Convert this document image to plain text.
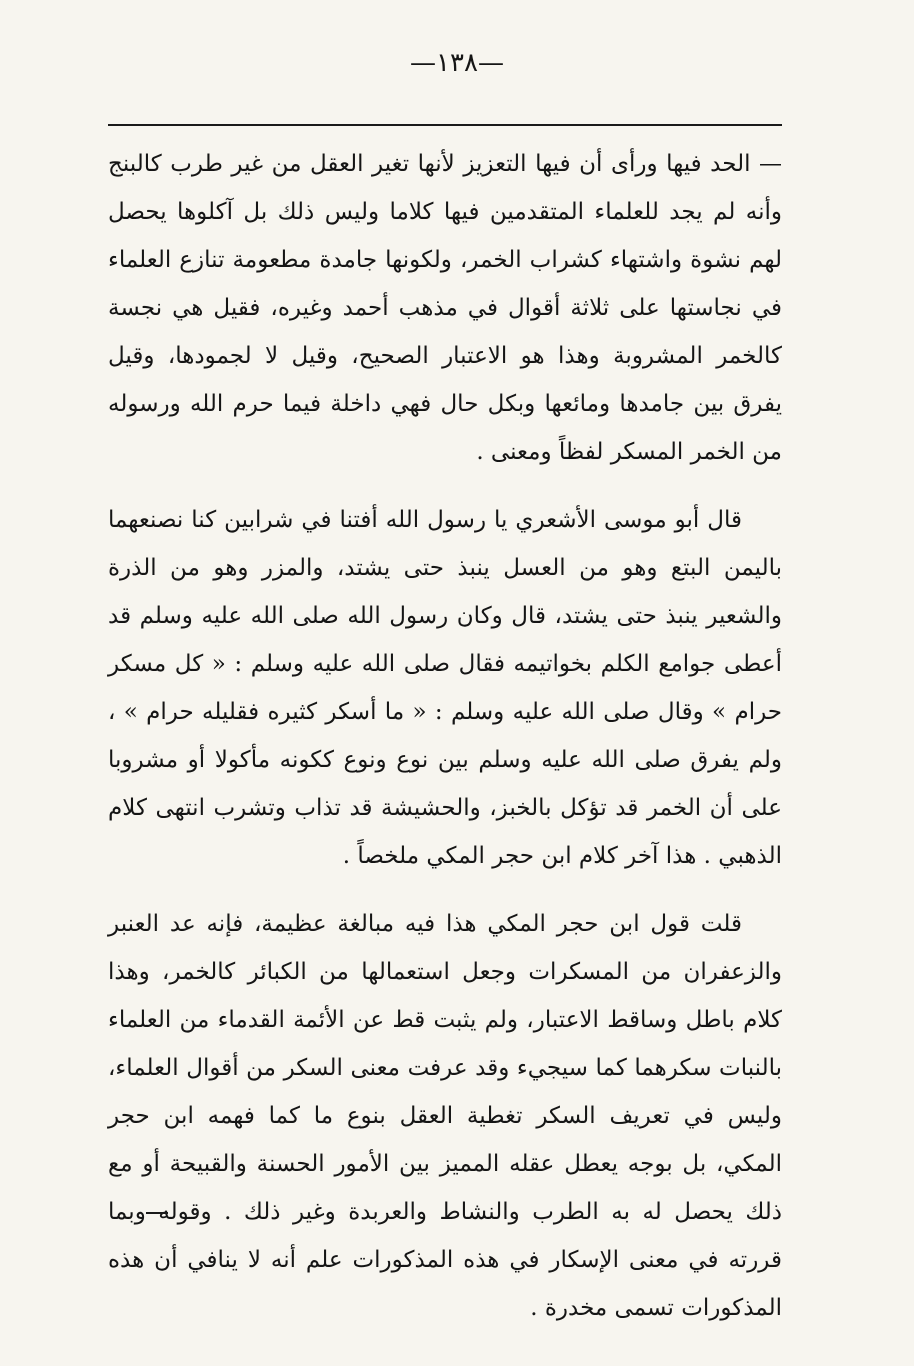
—١٣٨—

— الحد فيها ورأى أن فيها التعزيز لأنها تغير العقل من غير طرب كالبنج وأنه لم يجد للعلماء المتقدمين فيها كلاما وليس ذلك بل آكلوها يحصل لهم نشوة واشتهاء كشراب الخمر، ولكونها جامدة مطعومة تنازع العلماء في نجاستها على ثلاثة أقوال في مذهب أحمد وغيره، فقيل هي نجسة كالخمر المشروبة وهذا هو الاعتبار الصحيح، وقيل لا لجمودها، وقيل يفرق بين جامدها ومائعها وبكل حال فهي داخلة فيما حرم الله ورسوله من الخمر المسكر لفظاً ومعنى .

قال أبو موسى الأشعري يا رسول الله أفتنا في شرابين كنا نصنعهما باليمن البتع وهو من العسل ينبذ حتى يشتد، والمزر وهو من الذرة والشعير ينبذ حتى يشتد، قال وكان رسول الله صلى الله عليه وسلم قد أعطى جوامع الكلم بخواتيمه فقال صلى الله عليه وسلم : « كل مسكر حرام » وقال صلى الله عليه وسلم : « ما أسكر كثيره فقليله حرام » ، ولم يفرق صلى الله عليه وسلم بين نوع ونوع ككونه مأكولا أو مشروبا على أن الخمر قد تؤكل بالخبز، والحشيشة قد تذاب وتشرب انتهى كلام الذهبي . هذا آخر كلام ابن حجر المكي ملخصاً .

قلت قول ابن حجر المكي هذا فيه مبالغة عظيمة، فإنه عد العنبر والزعفران من المسكرات وجعل استعمالها من الكبائر كالخمر، وهذا كلام باطل وساقط الاعتبار، ولم يثبت قط عن الأئمة القدماء من العلماء بالنبات سكرهما كما سيجيء وقد عرفت معنى السكر من أقوال العلماء، وليس في تعريف السكر تغطية العقل بنوع ما كما فهمه ابن حجر المكي، بل بوجه يعطل عقله المميز بين الأمور الحسنة والقبيحة أو مع ذلك يحصل له به الطرب والنشاط والعربدة وغير ذلك . وقوله وبما قررته في معنى الإسكار في هذه المذكورات علم أنه لا ينافي أن هذه المذكورات تسمى مخدرة .
